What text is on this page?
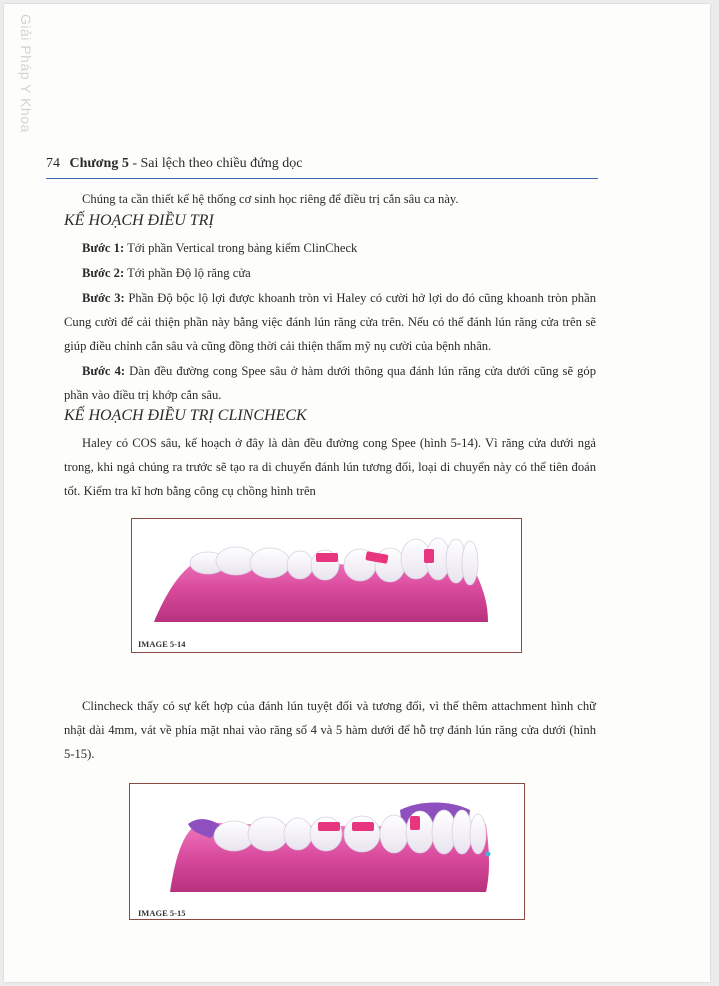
Giải Pháp Y Khoa
74 Chương 5 - Sai lệch theo chiều đứng dọc
Chúng ta cần thiết kế hệ thống cơ sinh học riêng để điều trị cắn sâu ca này.
KẾ HOẠCH ĐIỀU TRỊ
Bước 1: Tới phần Vertical trong bảng kiểm ClinCheck
Bước 2: Tới phần Độ lộ răng cửa
Bước 3: Phần Độ bộc lộ lợi được khoanh tròn vì Haley có cười hở lợi do đó cũng khoanh tròn phần Cung cười để cải thiện phần này bằng việc đánh lún răng cửa trên. Nếu có thể đánh lún răng cửa trên sẽ giúp điều chỉnh cắn sâu và cũng đồng thời cải thiện thẩm mỹ nụ cười của bệnh nhân.
Bước 4: Dàn đều đường cong Spee sâu ở hàm dưới thông qua đánh lún răng cửa dưới cũng sẽ góp phần vào điều trị khớp cắn sâu.
KẾ HOẠCH ĐIỀU TRỊ CLINCHECK
Haley có COS sâu, kế hoạch ở đây là dàn đều đường cong Spee (hình 5-14). Vì răng cửa dưới ngả trong, khi ngả chúng ra trước sẽ tạo ra di chuyển đánh lún tương đối, loại di chuyển này có thể tiên đoán tốt. Kiểm tra kĩ hơn bằng công cụ chồng hình trên
IMAGE 5-14
Clincheck thấy có sự kết hợp của đánh lún tuyệt đối và tương đối, vì thế thêm attachment hình chữ nhật dài 4mm, vát về phía mặt nhai vào răng số 4 và 5 hàm dưới để hỗ trợ đánh lún răng cửa dưới (hình 5-15).
IMAGE 5-15
